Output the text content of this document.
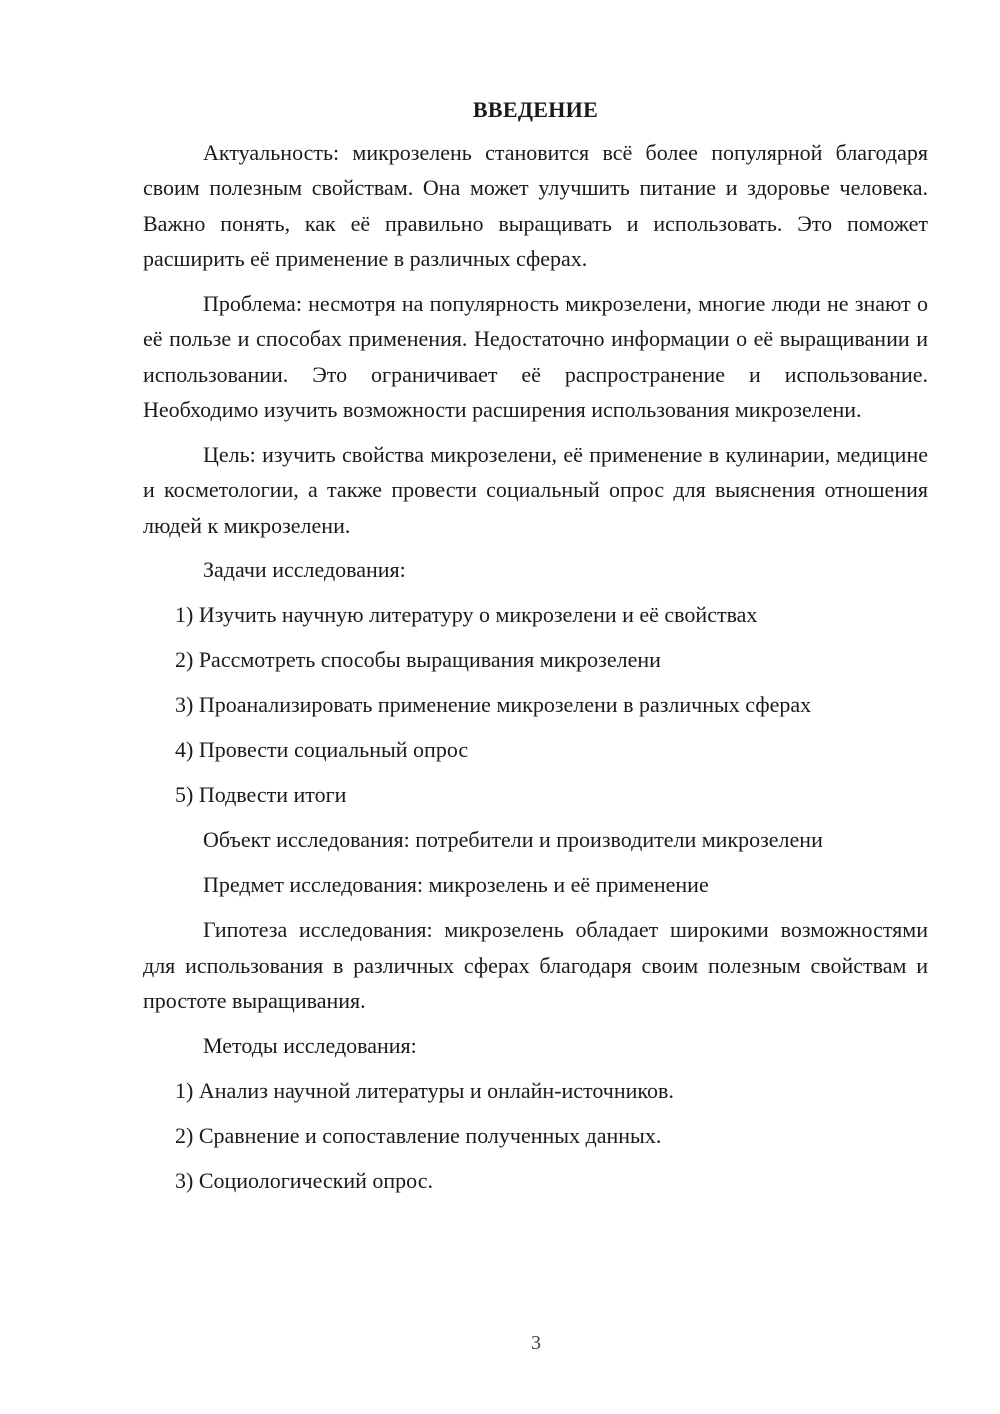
ВВЕДЕНИЕ

Актуальность: микрозелень становится всё более популярной благодаря своим полезным свойствам. Она может улучшить питание и здоровье человека. Важно понять, как её правильно выращивать и использовать. Это поможет расширить её применение в различных сферах.

Проблема: несмотря на популярность микрозелени, многие люди не знают о её пользе и способах применения. Недостаточно информации о её выращивании и использовании. Это ограничивает её распространение и использование. Необходимо изучить возможности расширения использования микрозелени.

Цель: изучить свойства микрозелени, её применение в кулинарии, медицине и косметологии, а также провести социальный опрос для выяснения отношения людей к микрозелени.

Задачи исследования:
1) Изучить научную литературу о микрозелени и её свойствах
2) Рассмотреть способы выращивания микрозелени
3) Проанализировать применение микрозелени в различных сферах
4) Провести социальный опрос
5) Подвести итоги
Объект исследования: потребители и производители микрозелени
Предмет исследования: микрозелень и её применение

Гипотеза исследования: микрозелень обладает широкими возможностями для использования в различных сферах благодаря своим полезным свойствам и простоте выращивания.

Методы исследования:
1) Анализ научной литературы и онлайн-источников.
2) Сравнение и сопоставление полученных данных.
3) Социологический опрос.
3
